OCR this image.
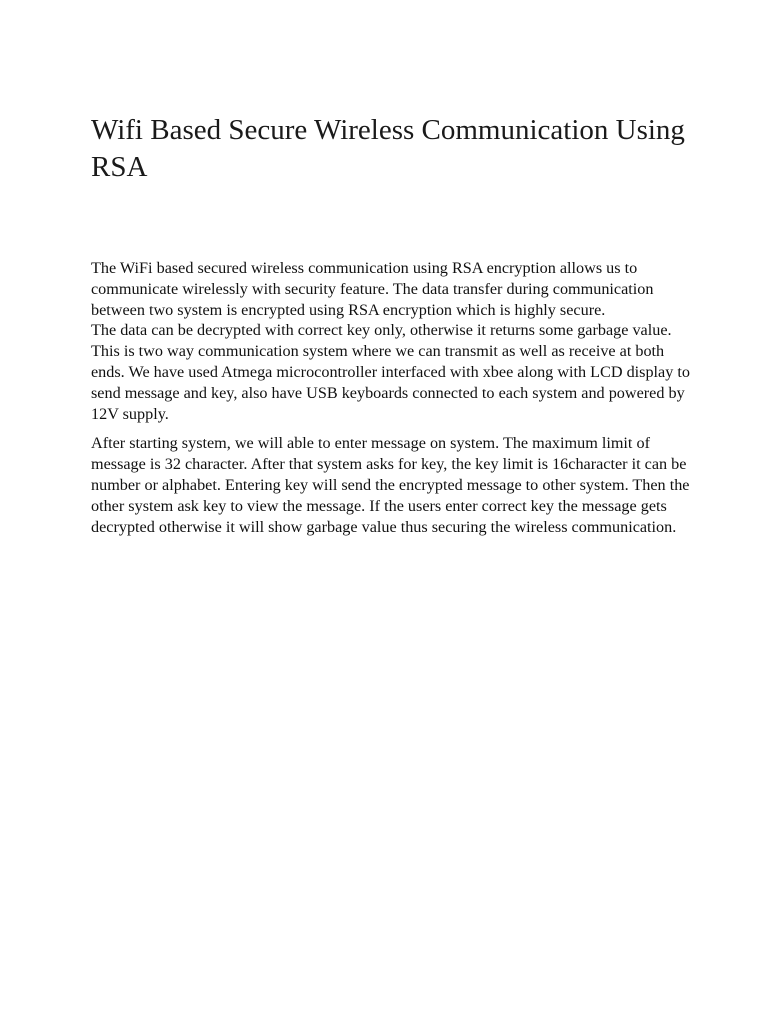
Wifi Based Secure Wireless Communication Using RSA

The WiFi based secured wireless communication using RSA encryption allows us to communicate wirelessly with security feature. The data transfer during communication between two system is encrypted using RSA encryption which is highly secure.

The data can be decrypted with correct key only, otherwise it returns some garbage value. This is two way communication system where we can transmit as well as receive at both ends. We have used Atmega microcontroller interfaced with xbee along with LCD display to send message and key, also have USB keyboards connected to each system and powered by 12V supply.

After starting system, we will able to enter message on system. The maximum limit of message is 32 character. After that system asks for key, the key limit is 16character it can be number or alphabet. Entering key will send the encrypted message to other system. Then the other system ask key to view the message. If the users enter correct key the message gets decrypted otherwise it will show garbage value thus securing the wireless communication.
